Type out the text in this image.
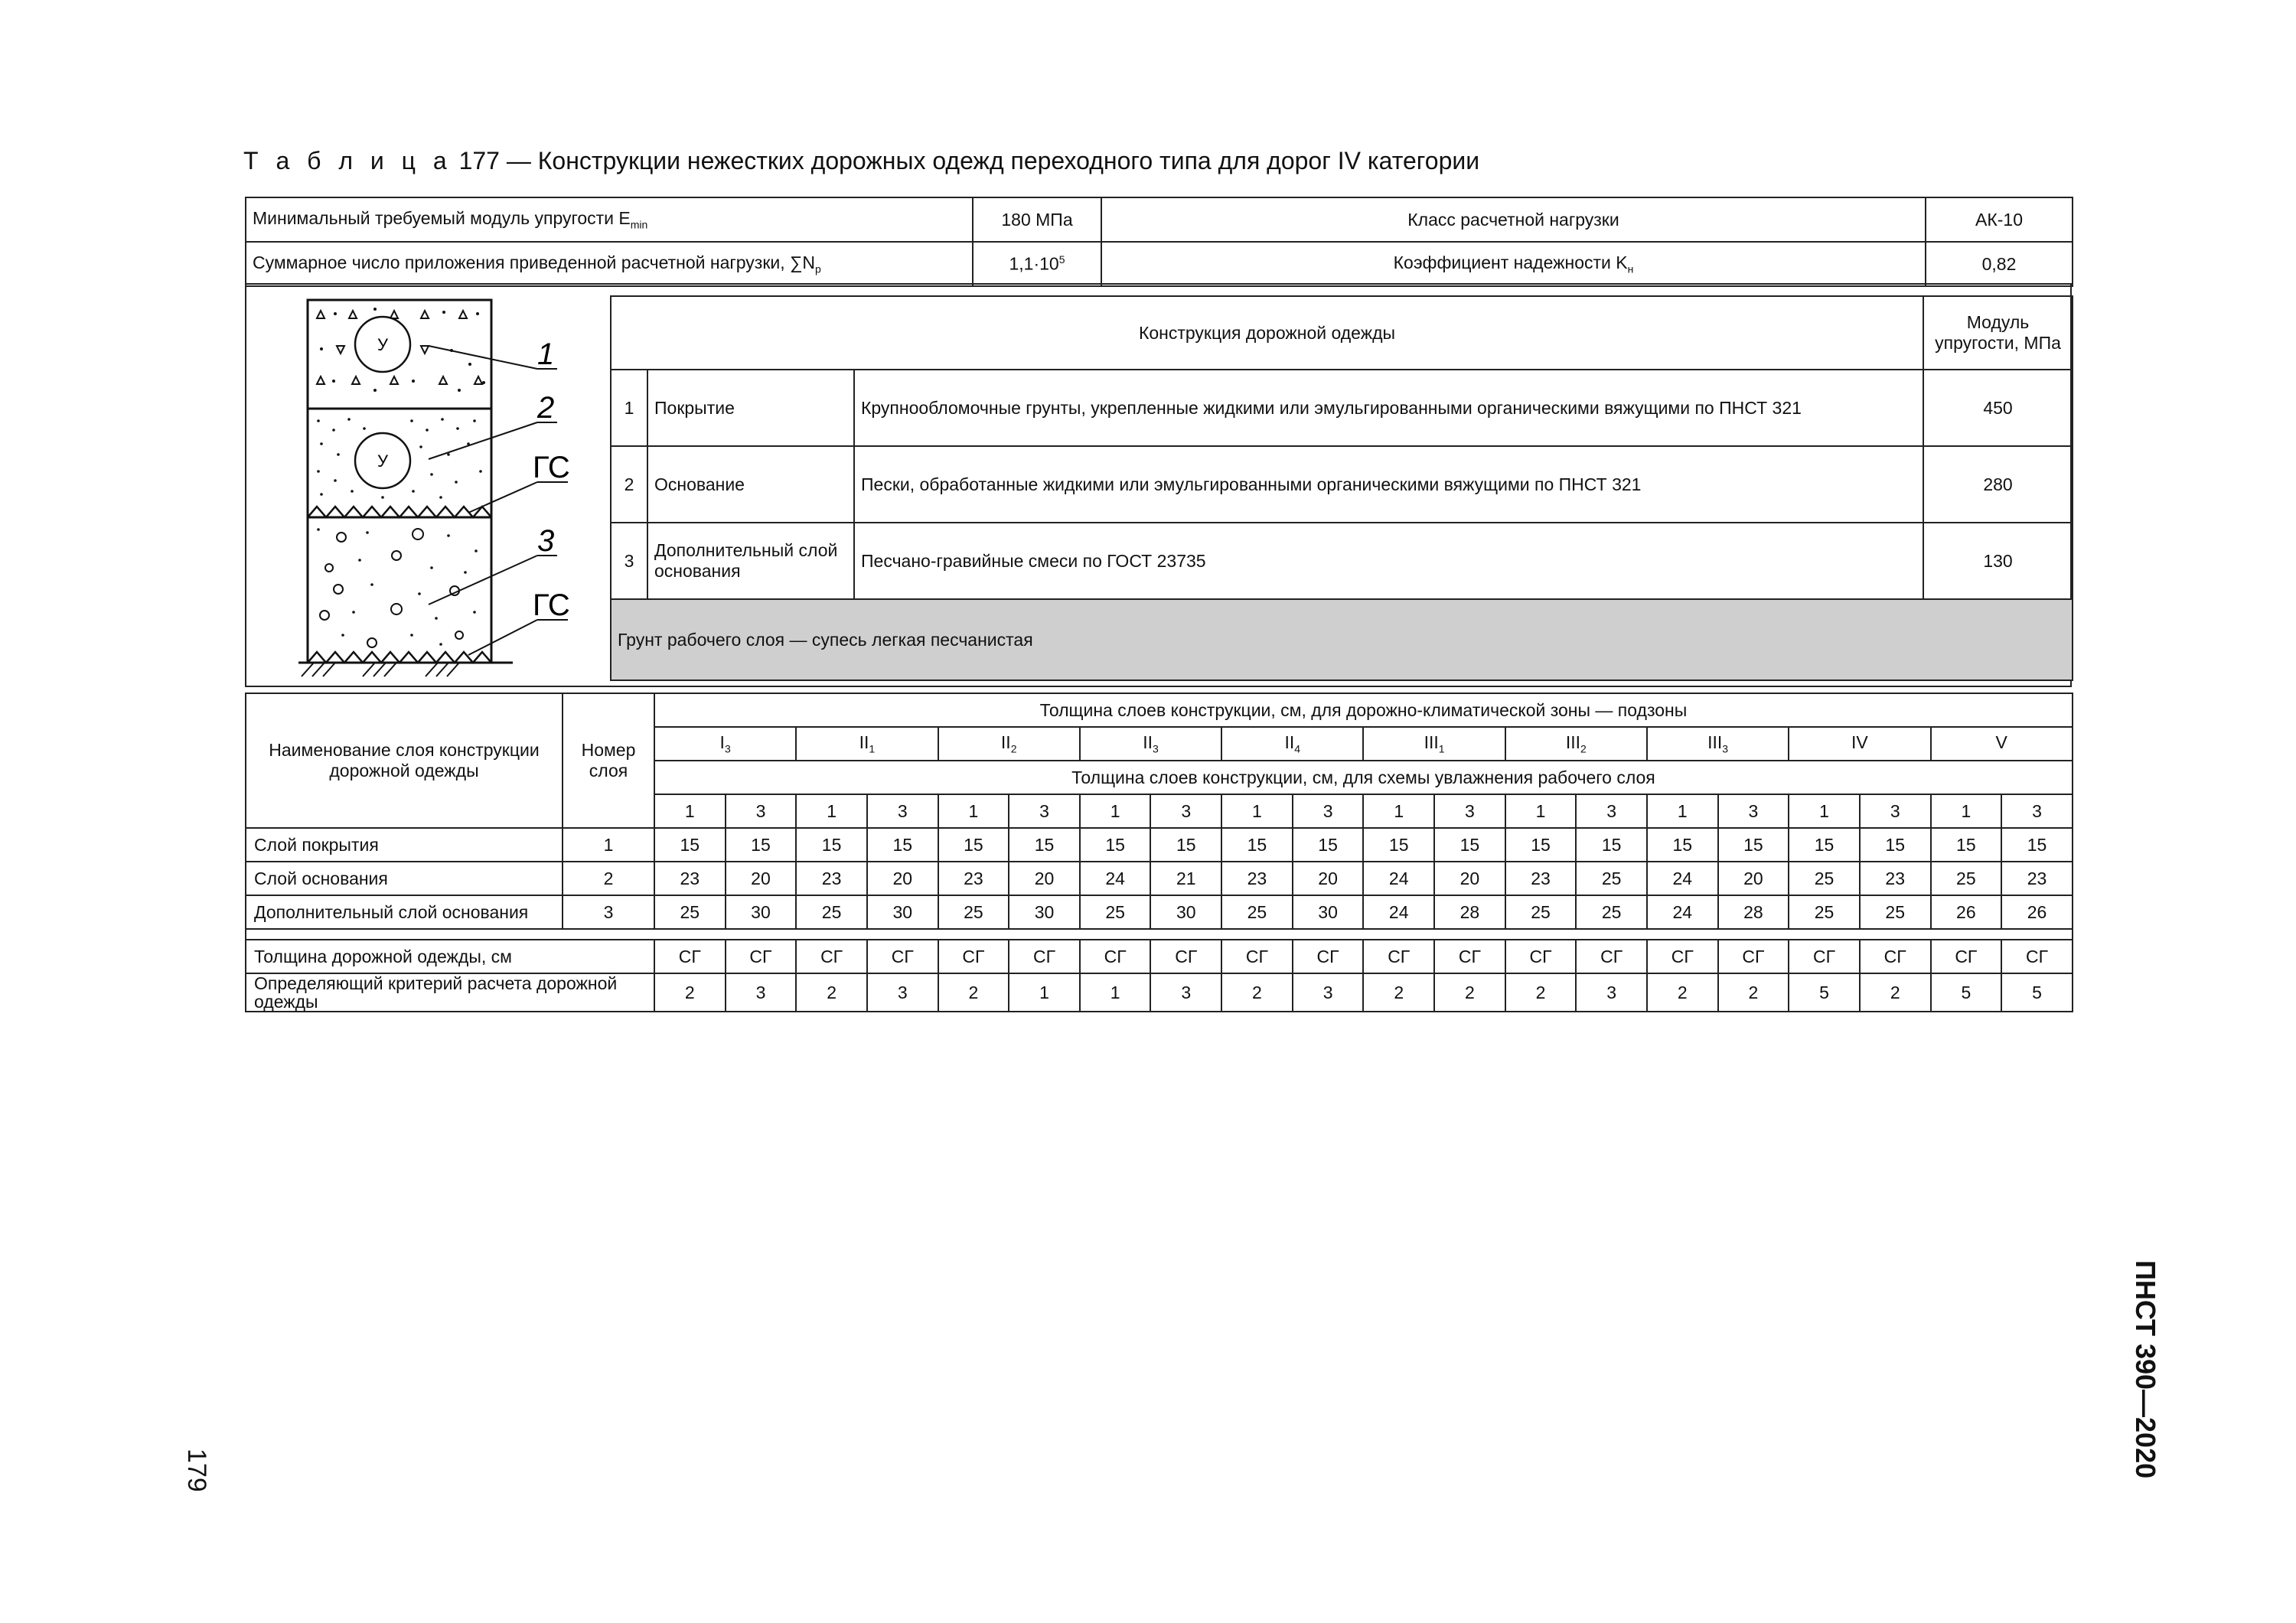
Т а б л и ц а 177 — Конструкции нежестких дорожных одежд переходного типа для дорог IV категории
Минимальный требуемый модуль упругости $E_{min}$	180 МПа	Класс расчетной нагрузки	АК-10
Суммарное число приложения приведенной расчетной нагрузки, $\sum N_р$	$1,1\cdot 10^5$	Коэффициент надежности $K_н$	0,82
У
У
1
2
ГС
3
ГС
Конструкция дорожной одежды			Модуль упругости, МПа
1	Покрытие	Крупнообломочные грунты, укрепленные жидкими или эмульгированными органическими вяжущими по ПНСТ 321	450
2	Основание	Пески, обработанные жидкими или эмульгированными органическими вяжущими по ПНСТ 321	280
3	Дополнительный слой основания	Песчано-гравийные смеси по ГОСТ 23735	130
Грунт рабочего слоя — супесь легкая песчанистая			
Наименование слоя конструкции дорожной одежды	Номер слоя	Толщина слоев конструкции, см, для дорожно-климатической зоны — подзоны																			
		$I_3$		$II_1$		$II_2$		$II_3$		$II_4$		$III_1$		$III_2$		$III_3$		IV		V	
		Толщина слоев конструкции, см, для схемы увлажнения рабочего слоя																			
		1	3	1	3	1	3	1	3	1	3	1	3	1	3	1	3	1	3	1	3
Слой покрытия	1	15	15	15	15	15	15	15	15	15	15	15	15	15	15	15	15	15	15	15	15
Слой основания	2	23	20	23	20	23	20	24	21	23	20	24	20	23	25	24	20	25	23	25	23
Дополнительный слой основания	3	25	30	25	30	25	30	25	30	25	30	24	28	25	25	24	28	25	25	26	26

Толщина дорожной одежды, см		СГ	СГ	СГ	СГ	СГ	СГ	СГ	СГ	СГ	СГ	СГ	СГ	СГ	СГ	СГ	СГ	СГ	СГ	СГ	СГ
Определяющий критерий расчета дорожной одежды		2	3	2	3	2	1	1	3	2	3	2	2	2	3	2	2	5	2	5	5
179	ПНСТ 390—2020
